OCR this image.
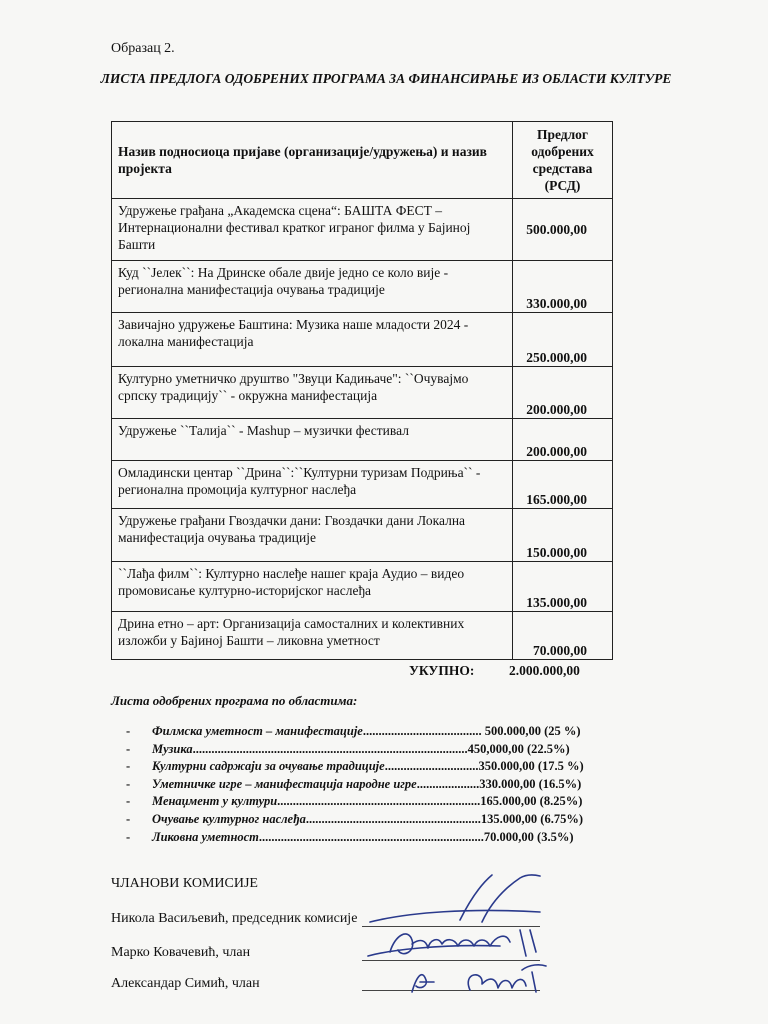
Образац 2.
ЛИСТА ПРЕДЛОГА ОДОБРЕНИХ ПРОГРАМА ЗА ФИНАНСИРАЊЕ ИЗ ОБЛАСТИ КУЛТУРЕ
Назив подносиоца пријаве (организације/удружења) и назив пројекта	Предлог одобрених средстава (РСД)
Удружење грађана „Академска сцена“: БАШТА ФЕСТ – Интернационални фестивал кратког играног филма у Бајиној Башти	500.000,00
Куд ``Јелек``: На Дринске обале двије једно се коло вије - регионална манифестација очувања традиције	330.000,00
Завичајно удружење Баштина: Музика наше младости 2024 - локална манифестација	250.000,00
Културно уметничко друштво "Звуци Кадињаче": ``Очувајмо српску традицију`` - окружна манифестација	200.000,00
Удружење ``Талија`` - Mashup – музички фестивал	200.000,00
Омладински центар ``Дрина``:``Културни туризам Подриња`` - регионална промоција културног наслеђа	165.000,00
Удружење грађани Гвоздачки дани: Гвоздачки дани Локална манифестација очувања традиције	150.000,00
``Лађа филм``: Културно наслеђе нашег краја Аудио – видео промовисање културно-историјског наслеђа	135.000,00
Дрина етно – арт: Организација самосталних и колективних изложби у Бајиној Башти – ликовна уметност	70.000,00
УКУПНО:	2.000.000,00
Листа одобрених програма по областима:
- Филмска уметност – манифестације...................................... 500.000,00 (25 %)
- Музика........................................................................................450,000,00 (22.5%)
- Културни садржаји за очување традиције..............................350.000,00 (17.5 %)
- Уметничке игре – манифестација народне игре....................330.000,00 (16.5%)
- Менаџмент у култури.................................................................165.000,00 (8.25%)
- Очување културног наслеђа........................................................135.000,00 (6.75%)
- Ликовна уметност........................................................................70.000,00 (3.5%)
ЧЛАНОВИ КОМИСИЈЕ
Никола Васиљевић, председник комисије
Марко Ковачевић, члан
Александар Симић, члан
